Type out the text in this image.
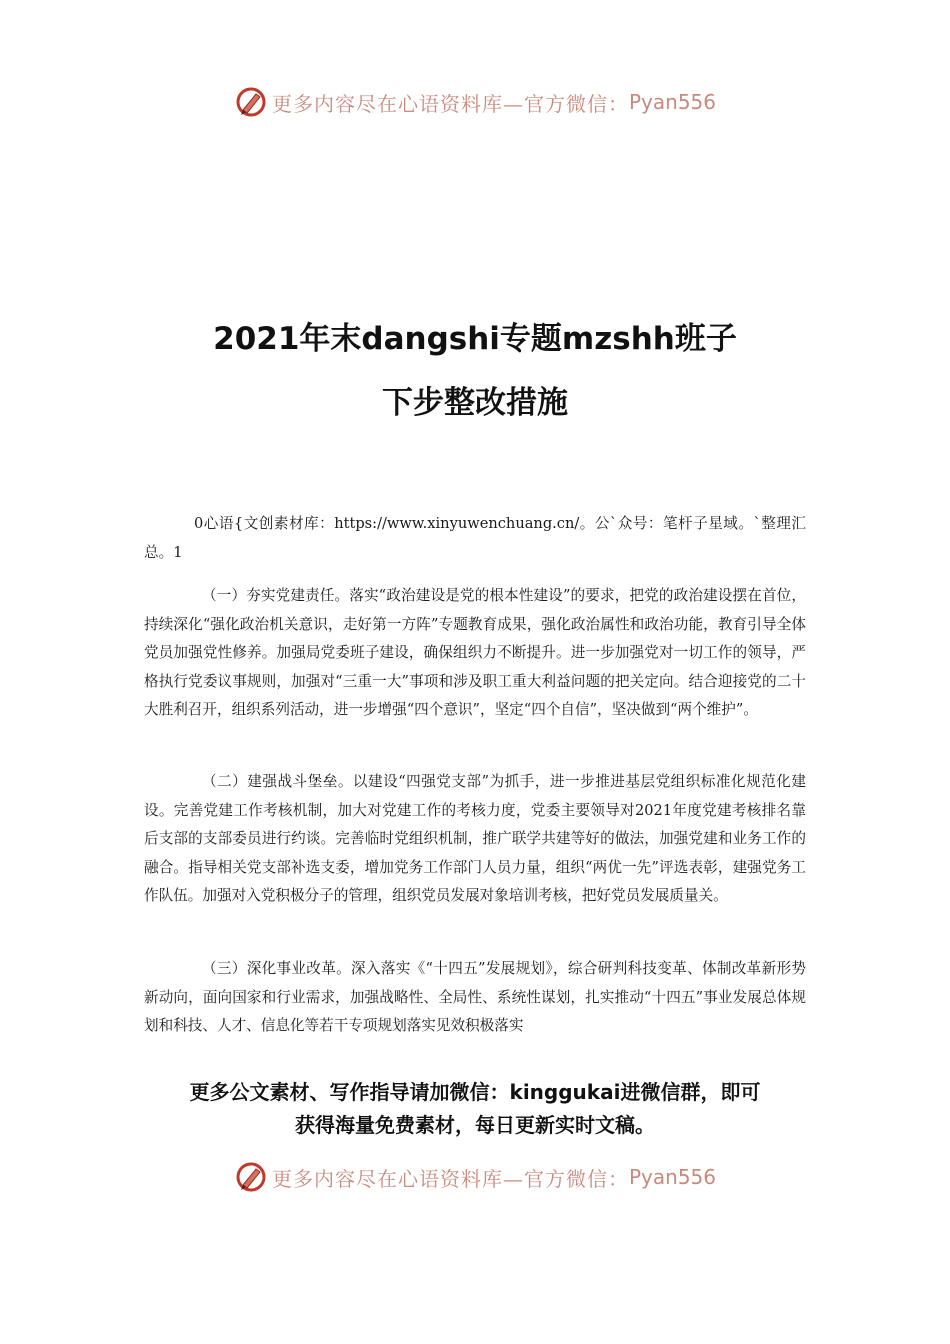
更多内容尽在心语资料库—官方微信： Pyan556
2021年末dangshi专题mzshh班子
下步整改措施

0心语{文创素材库：https://www.xinyuwenchuang.cn/。公`众号：笔杆子星域。`整理汇总。1

（一）夯实党建责任。落实“政治建设是党的根本性建设”的要求，把党的政治建设摆在首位，持续深化“强化政治机关意识，走好第一方阵”专题教育成果，强化政治属性和政治功能，教育引导全体党员加强党性修养。加强局党委班子建设，确保组织力不断提升。进一步加强党对一切工作的领导，严格执行党委议事规则，加强对“三重一大”事项和涉及职工重大利益问题的把关定向。结合迎接党的二十大胜利召开，组织系列活动，进一步增强“四个意识”，坚定“四个自信”，坚决做到“两个维护”。

（二）建强战斗堡垒。以建设“四强党支部”为抓手，进一步推进基层党组织标准化规范化建设。完善党建工作考核机制，加大对党建工作的考核力度，党委主要领导对2021年度党建考核排名靠后支部的支部委员进行约谈。完善临时党组织机制，推广联学共建等好的做法，加强党建和业务工作的融合。指导相关党支部补选支委，增加党务工作部门人员力量，组织“两优一先”评选表彰，建强党务工作队伍。加强对入党积极分子的管理，组织党员发展对象培训考核，把好党员发展质量关。

（三）深化事业改革。深入落实《“十四五”发展规划》，综合研判科技变革、体制改革新形势新动向，面向国家和行业需求，加强战略性、全局性、系统性谋划，扎实推动“十四五”事业发展总体规划和科技、人才、信息化等若干专项规划落实见效积极落实

更多公文素材、写作指导请加微信：kinggukai进微信群，即可
获得海量免费素材，每日更新实时文稿。
更多内容尽在心语资料库—官方微信： Pyan556
